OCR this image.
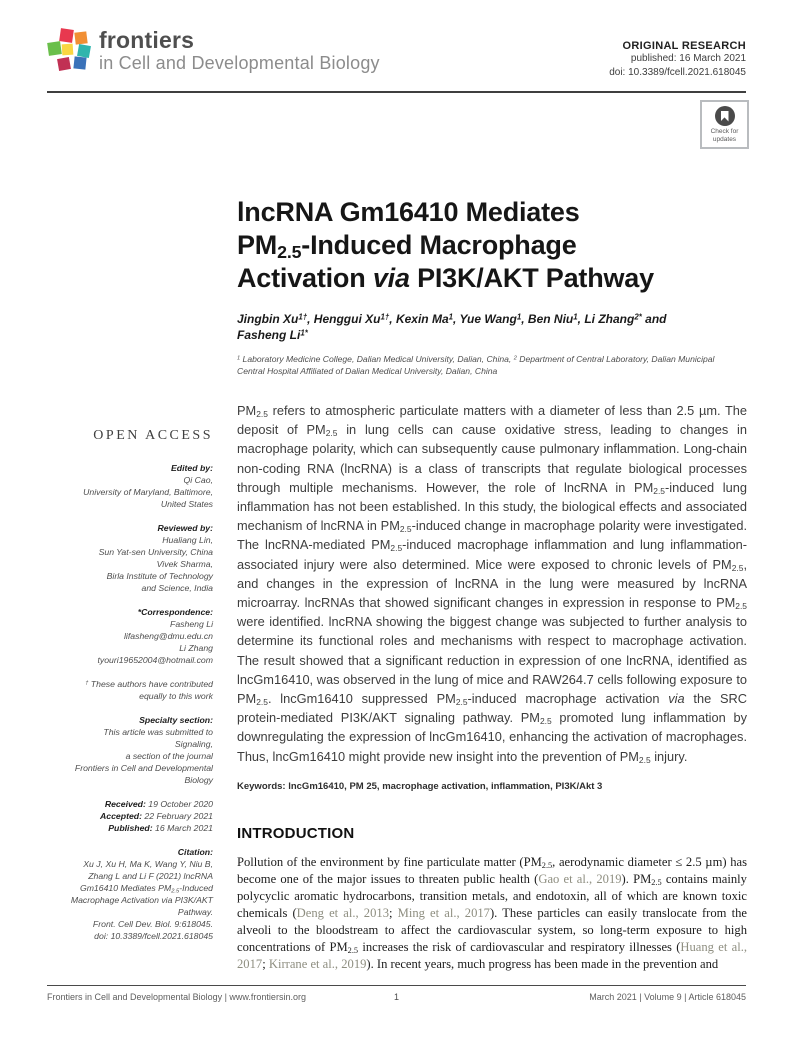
frontiers
in Cell and Developmental Biology
ORIGINAL RESEARCH
published: 16 March 2021
doi: 10.3389/fcell.2021.618045
Check for
updates
OPEN ACCESS
Edited by:
Qi Cao,
University of Maryland, Baltimore,
United States
Reviewed by:
Hualiang Lin,
Sun Yat-sen University, China
Vivek Sharma,
Birla Institute of Technology
and Science, India
*Correspondence:
Fasheng Li
lifasheng@dmu.edu.cn
Li Zhang
tyouri19652004@hotmail.com
† These authors have contributed
equally to this work
Specialty section:
This article was submitted to
Signaling,
a section of the journal
Frontiers in Cell and Developmental
Biology
Received: 19 October 2020
Accepted: 22 February 2021
Published: 16 March 2021
Citation:
Xu J, Xu H, Ma K, Wang Y, Niu B,
Zhang L and Li F (2021) lncRNA
Gm16410 Mediates $PM_{2.5}$-Induced
Macrophage Activation via PI3K/AKT
Pathway.
Front. Cell Dev. Biol. 9:618045.
doi: 10.3389/fcell.2021.618045
lncRNA Gm16410 Mediates
$PM_{2.5}$-Induced Macrophage
Activation via PI3K/AKT Pathway
Jingbin $Xu^{1\dagger}$, Henggui $Xu^{1\dagger}$, Kexin Ma$^1$, Yue Wang$^1$, Ben Niu$^1$, Li Zhang$^{2*}$ and
Fasheng $Li^{1*}$
$^1$ Laboratory Medicine College, Dalian Medical University, Dalian, China, $^2$ Department of Central Laboratory, Dalian Municipal
Central Hospital Affiliated of Dalian Medical University, Dalian, China

$PM_{2.5}$ refers to atmospheric particulate matters with a diameter of less than 2.5 µm. The deposit of $PM_{2.5}$ in lung cells can cause oxidative stress, leading to changes in macrophage polarity, which can subsequently cause pulmonary inflammation. Long-chain non-coding RNA (lncRNA) is a class of transcripts that regulate biological processes through multiple mechanisms. However, the role of lncRNA in $PM_{2.5}$-induced lung inflammation has not been established. In this study, the biological effects and associated mechanism of lncRNA in $PM_{2.5}$-induced change in macrophage polarity were investigated. The lncRNA-mediated $PM_{2.5}$-induced macrophage inflammation and lung inflammation-associated injury were also determined. Mice were exposed to chronic levels of $PM_{2.5}$, and changes in the expression of lncRNA in the lung were measured by lncRNA microarray. lncRNAs that showed significant changes in expression in response to $PM_{2.5}$ were identified. lncRNA showing the biggest change was subjected to further analysis to determine its functional roles and mechanisms with respect to macrophage activation. The result showed that a significant reduction in expression of one lncRNA, identified as lncGm16410, was observed in the lung of mice and RAW264.7 cells following exposure to $PM_{2.5}$. lncGm16410 suppressed $PM_{2.5}$-induced macrophage activation via the SRC protein-mediated PI3K/AKT signaling pathway. $PM_{2.5}$ promoted lung inflammation by downregulating the expression of lncGm16410, enhancing the activation of macrophages. Thus, lncGm16410 might provide new insight into the prevention of $PM_{2.5}$ injury.

Keywords: lncGm16410, PM 25, macrophage activation, inflammation, PI3K/Akt 3
INTRODUCTION

Pollution of the environment by fine particulate matter ($PM_{2.5}$, aerodynamic diameter ≤ 2.5 µm) has become one of the major issues to threaten public health (Gao et al., 2019). $PM_{2.5}$ contains mainly polycyclic aromatic hydrocarbons, transition metals, and endotoxin, all of which are known toxic chemicals (Deng et al., 2013; Ming et al., 2017). These particles can easily translocate from the alveoli to the bloodstream to affect the cardiovascular system, so long-term exposure to high concentrations of $PM_{2.5}$ increases the risk of cardiovascular and respiratory illnesses (Huang et al., 2017; Kirrane et al., 2019). In recent years, much progress has been made in the prevention and

Frontiers in Cell and Developmental Biology | www.frontiersin.org	1	March 2021 | Volume 9 | Article 618045
